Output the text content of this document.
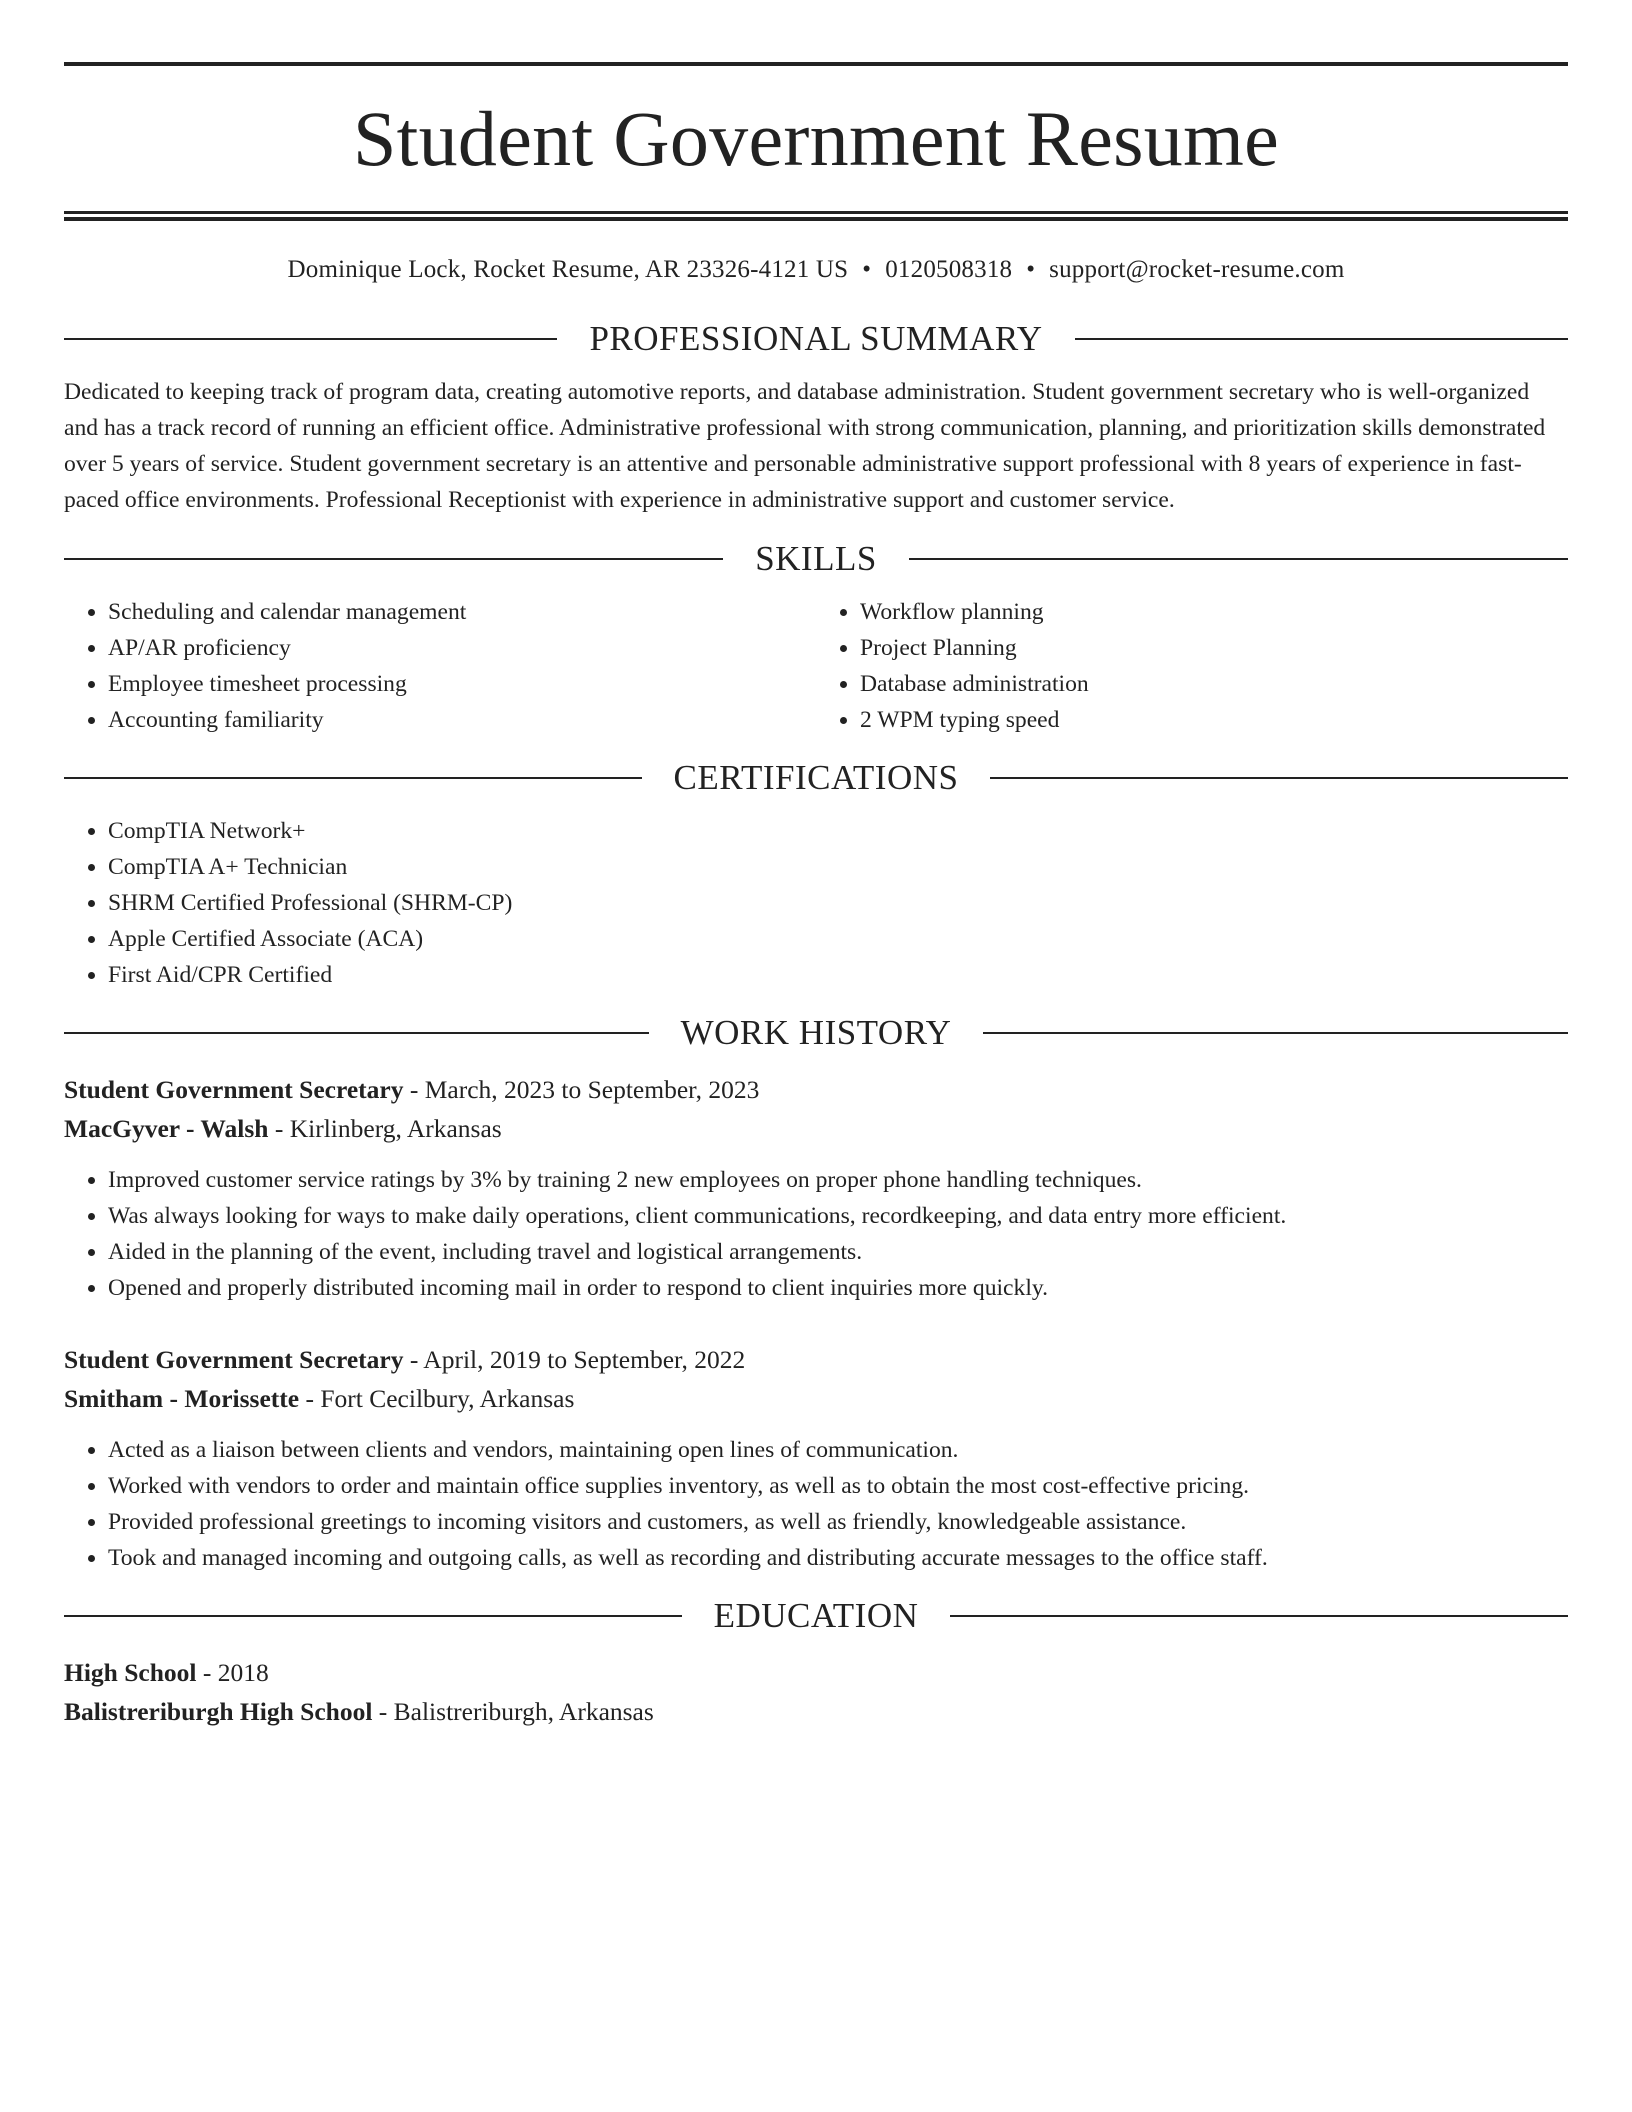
Student Government Resume
Dominique Lock, Rocket Resume, AR 23326-4121 US • 0120508318 • support@rocket-resume.com
PROFESSIONAL SUMMARY
Dedicated to keeping track of program data, creating automotive reports, and database administration. Student government secretary who is well-organized and has a track record of running an efficient office. Administrative professional with strong communication, planning, and prioritization skills demonstrated over 5 years of service. Student government secretary is an attentive and personable administrative support professional with 8 years of experience in fast-paced office environments. Professional Receptionist with experience in administrative support and customer service.
SKILLS
• Scheduling and calendar management
• AP/AR proficiency
• Employee timesheet processing
• Accounting familiarity
• Workflow planning
• Project Planning
• Database administration
• 2 WPM typing speed
CERTIFICATIONS
• CompTIA Network+
• CompTIA A+ Technician
• SHRM Certified Professional (SHRM-CP)
• Apple Certified Associate (ACA)
• First Aid/CPR Certified
WORK HISTORY
Student Government Secretary - March, 2023 to September, 2023
MacGyver - Walsh - Kirlinberg, Arkansas
• Improved customer service ratings by 3% by training 2 new employees on proper phone handling techniques.
• Was always looking for ways to make daily operations, client communications, recordkeeping, and data entry more efficient.
• Aided in the planning of the event, including travel and logistical arrangements.
• Opened and properly distributed incoming mail in order to respond to client inquiries more quickly.
Student Government Secretary - April, 2019 to September, 2022
Smitham - Morissette - Fort Cecilbury, Arkansas
• Acted as a liaison between clients and vendors, maintaining open lines of communication.
• Worked with vendors to order and maintain office supplies inventory, as well as to obtain the most cost-effective pricing.
• Provided professional greetings to incoming visitors and customers, as well as friendly, knowledgeable assistance.
• Took and managed incoming and outgoing calls, as well as recording and distributing accurate messages to the office staff.
EDUCATION
High School - 2018
Balistreriburgh High School - Balistreriburgh, Arkansas
